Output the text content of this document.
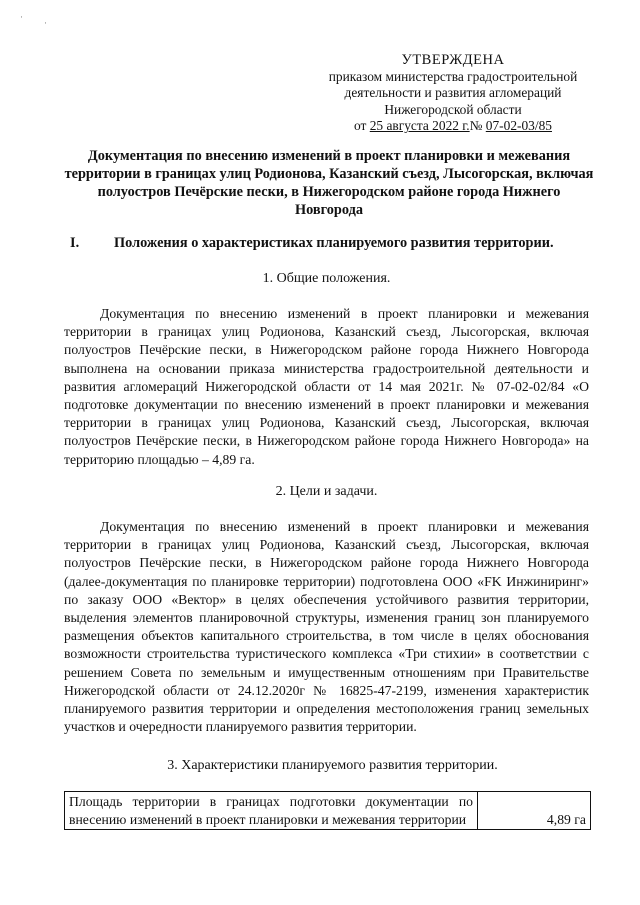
·
·
УТВЕРЖДЕНА
приказом министерства градостроительной
деятельности и развития агломераций
Нижегородской области
от 25 августа 2022 г.№ 07-02-03/85
Документация по внесению изменений в проект планировки и межевания территории в границах улиц Родионова, Казанский съезд, Лысогорская, включая полуостров Печёрские пески, в Нижегородском районе города Нижнего Новгорода
I. Положения о характеристиках планируемого развития территории.
1. Общие положения.
Документация по внесению изменений в проект планировки и межевания территории в границах улиц Родионова, Казанский съезд, Лысогорская, включая полуостров Печёрские пески, в Нижегородском районе города Нижнего Новгорода выполнена на основании приказа министерства градостроительной деятельности и развития агломераций Нижегородской области от 14 мая 2021г. № 07-02-02/84 «О подготовке документации по внесению изменений в проект планировки и межевания территории в границах улиц Родионова, Казанский съезд, Лысогорская, включая полуостров Печёрские пески, в Нижегородском районе города Нижнего Новгорода» на территорию площадью – 4,89 га.
2. Цели и задачи.
Документация по внесению изменений в проект планировки и межевания территории в границах улиц Родионова, Казанский съезд, Лысогорская, включая полуостров Печёрские пески, в Нижегородском районе города Нижнего Новгорода (далее-документация по планировке территории) подготовлена ООО «FK Инжиниринг» по заказу ООО «Вектор» в целях обеспечения устойчивого развития территории, выделения элементов планировочной структуры, изменения границ зон планируемого размещения объектов капитального строительства, в том числе в целях обоснования возможности строительства туристического комплекса «Три стихии» в соответствии с решением Совета по земельным и имущественным отношениям при Правительстве Нижегородской области от 24.12.2020г № 16825-47-2199, изменения характеристик планируемого развития территории и определения местоположения границ земельных участков и очередности планируемого развития территории.
3. Характеристики планируемого развития территории.
Площадь территории в границах подготовки документации по внесению изменений в проект планировки и межевания территории	4,89 га
